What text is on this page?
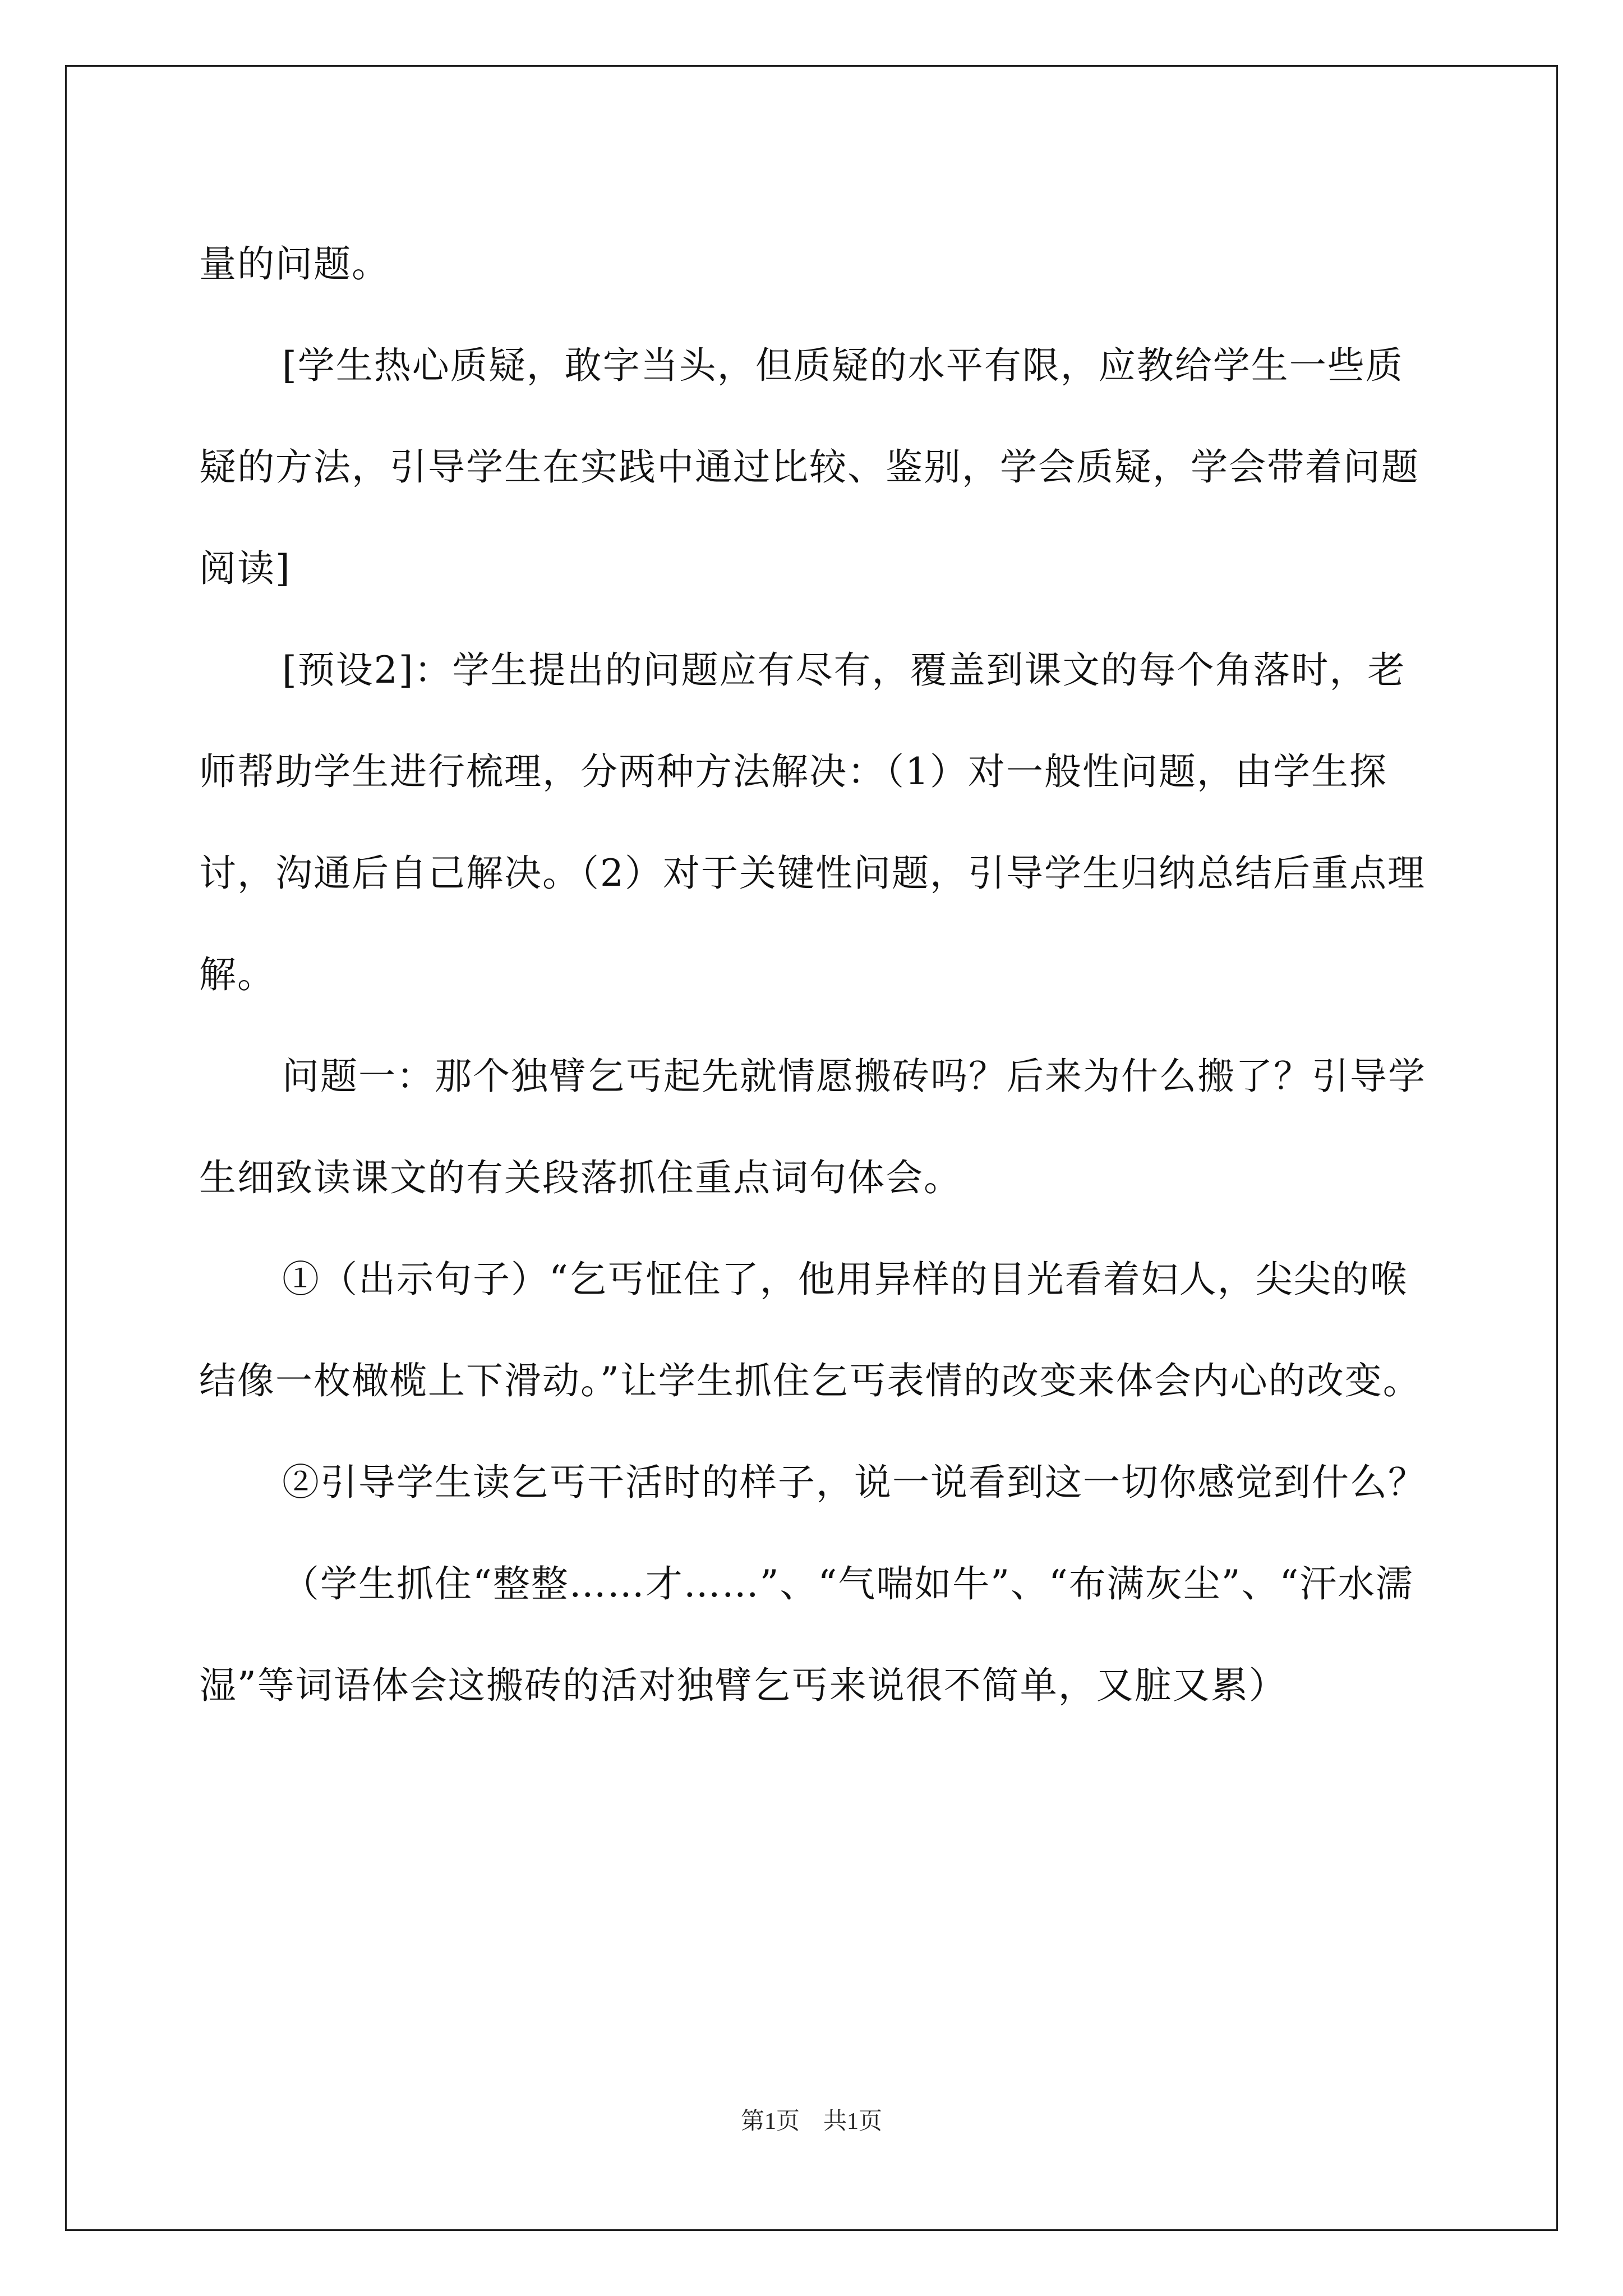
量的问题。

[学生热心质疑，敢字当头，但质疑的水平有限，应教给学生一些质疑的方法，引导学生在实践中通过比较、鉴别，学会质疑，学会带着问题阅读]

[预设2]：学生提出的问题应有尽有，覆盖到课文的每个角落时，老师帮助学生进行梳理，分两种方法解决：（1）对一般性问题，由学生探讨，沟通后自己解决。（2）对于关键性问题，引导学生归纳总结后重点理解。

问题一：那个独臂乞丐起先就情愿搬砖吗？后来为什么搬了？引导学生细致读课文的有关段落抓住重点词句体会。

①（出示句子）“乞丐怔住了，他用异样的目光看着妇人，尖尖的喉结像一枚橄榄上下滑动。”让学生抓住乞丐表情的改变来体会内心的改变。

②引导学生读乞丐干活时的样子，说一说看到这一切你感觉到什么？

（学生抓住“整整……才……”、“气喘如牛”、“布满灰尘”、“汗水濡湿”等词语体会这搬砖的活对独臂乞丐来说很不简单，又脏又累）

第1页　共1页
